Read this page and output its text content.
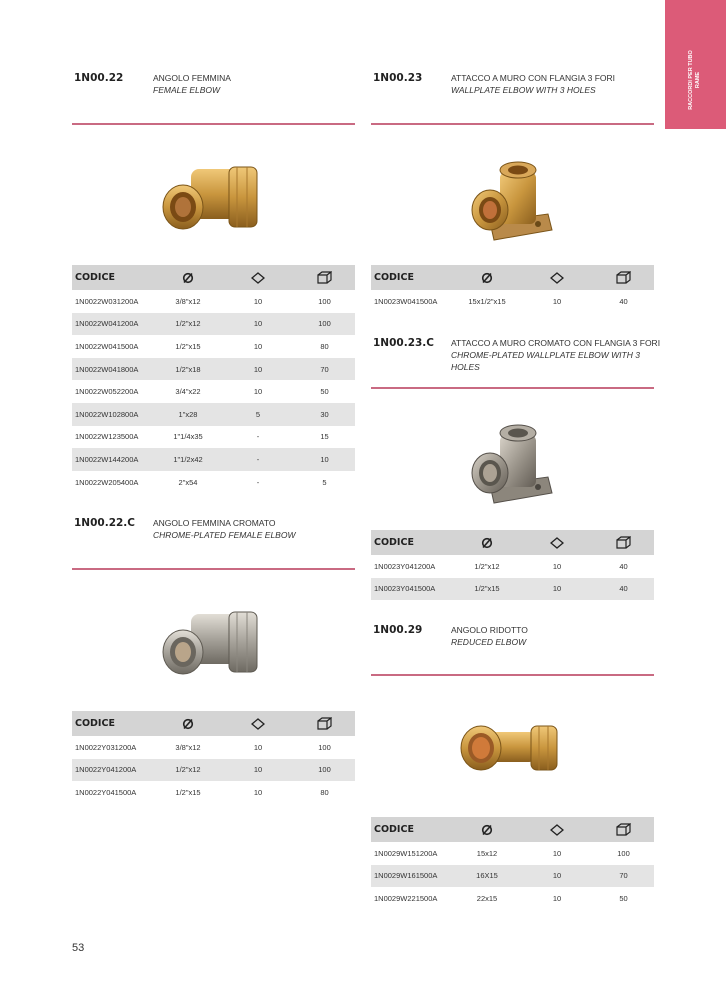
RACCORDI PER TUBO RAME
1N00.22	ANGOLO FEMMINA
FEMALE ELBOW
CODICE			
1N0022W031200A	3/8"x12	10	100
1N0022W041200A	1/2"x12	10	100
1N0022W041500A	1/2"x15	10	80
1N0022W041800A	1/2"x18	10	70
1N0022W052200A	3/4"x22	10	50
1N0022W102800A	1"x28	5	30
1N0022W123500A	1"1/4x35	-	15
1N0022W144200A	1"1/2x42	-	10
1N0022W205400A	2"x54	-	5
1N00.22.C ANGOLO FEMMINA CROMATO
CHROME-PLATED FEMALE ELBOW
CODICE			
1N0022Y031200A	3/8"x12	10	100
1N0022Y041200A	1/2"x12	10	100
1N0022Y041500A	1/2"x15	10	80
1N00.23	ATTACCO A MURO CON FLANGIA 3 FORI
WALLPLATE ELBOW WITH 3 HOLES
CODICE			
1N0023W041500A	15x1/2"x15	10	40
1N00.23.C ATTACCO A MURO CROMATO CON FLANGIA 3 FORI
CHROME-PLATED WALLPLATE ELBOW WITH 3
HOLES
CODICE			
1N0023Y041200A	1/2"x12	10	40
1N0023Y041500A	1/2"x15	10	40
1N00.29	ANGOLO RIDOTTO
REDUCED ELBOW
CODICE			
1N0029W151200A	15x12	10	100
1N0029W161500A	16X15	10	70
1N0029W221500A	22x15	10	50
53
